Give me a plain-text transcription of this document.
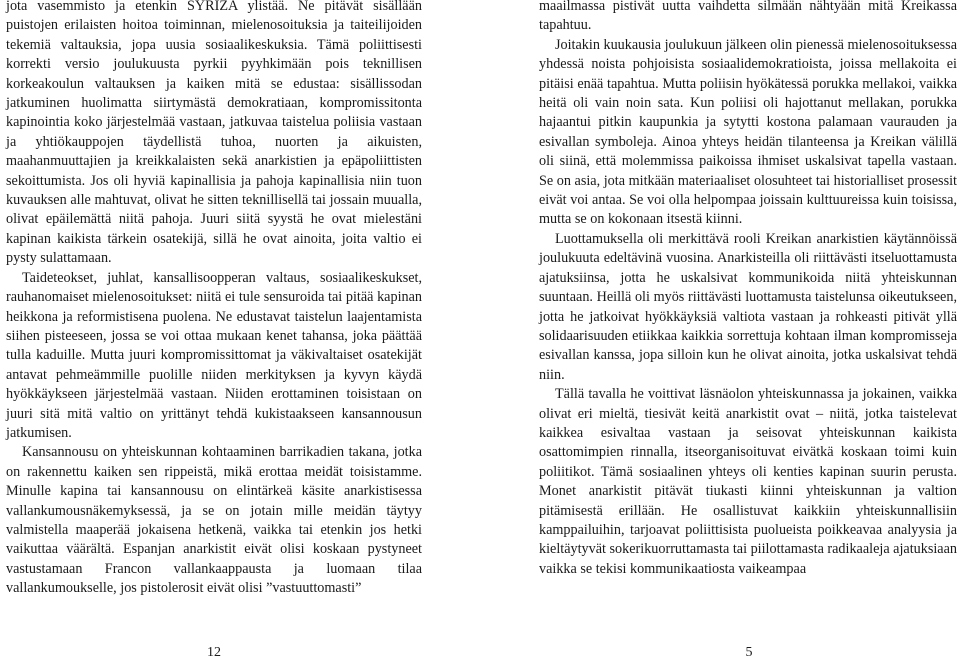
jota vasemmisto ja etenkin SYRIZA ylistää. Ne pitävät sisällään puistojen erilaisten hoitoa toiminnan, mielenosoituksia ja taiteilijoiden tekemiä valtauksia, jopa uusia sosiaalikeskuksia. Tämä poliittisesti korrekti versio joulukuusta pyrkii pyyhkimään pois teknillisen korkeakoulun valtauksen ja kaiken mitä se edustaa: sisällissodan jatkuminen huolimatta siirtymästä demokratiaan, kompromissitonta kapinointia koko järjestelmää vastaan, jatkuvaa taistelua poliisia vastaan ja yhtiökauppojen täydellistä tuhoa, nuorten ja aikuisten, maahanmuuttajien ja kreikkalaisten sekä anarkistien ja epäpoliittisten sekoittumista. Jos oli hyviä kapinallisia ja pahoja kapinallisia niin tuon kuvauksen alle mahtuvat, olivat he sitten teknillisellä tai jossain muualla, olivat epäilemättä niitä pahoja. Juuri siitä syystä he ovat mielestäni kapinan kaikista tärkein osatekijä, sillä he ovat ainoita, joita valtio ei pysty sulattamaan.

Taideteokset, juhlat, kansallisoopperan valtaus, sosiaalikeskukset, rauhanomaiset mielenosoitukset: niitä ei tule sensuroida tai pitää kapinan heikkona ja reformistisena puolena. Ne edustavat taistelun laajentamista siihen pisteeseen, jossa se voi ottaa mukaan kenet tahansa, joka päättää tulla kaduille. Mutta juuri kompromissittomat ja väkivaltaiset osatekijät antavat pehmeämmille puolille niiden merkityksen ja kyvyn käydä hyökkäykseen järjestelmää vastaan. Niiden erottaminen toisistaan on juuri sitä mitä valtio on yrittänyt tehdä kukistaakseen kansannousun jatkumisen.

Kansannousu on yhteiskunnan kohtaaminen barrikadien takana, jotka on rakennettu kaiken sen rippeistä, mikä erottaa meidät toisistamme. Minulle kapina tai kansannousu on elintärkeä käsite anarkistisessa vallankumousnäkemyksessä, ja se on jotain mille meidän täytyy valmistella maaperää jokaisena hetkenä, vaikka tai etenkin jos hetki vaikuttaa väärältä. Espanjan anarkistit eivät olisi koskaan pystyneet vastustamaan Francon vallankaappausta ja luomaan tilaa vallankumoukselle, jos pistolerosit eivät olisi ”vastuuttomasti”

12

maailmassa pistivät uutta vaihdetta silmään nähtyään mitä Kreikassa tapahtuu.

Joitakin kuukausia joulukuun jälkeen olin pienessä mielenosoituksessa yhdessä noista pohjoisista sosiaalidemokratioista, joissa mellakoita ei pitäisi enää tapahtua. Mutta poliisin hyökätessä porukka mellakoi, vaikka heitä oli vain noin sata. Kun poliisi oli hajottanut mellakan, porukka hajaantui pitkin kaupunkia ja sytytti kostona palamaan vaurauden ja esivallan symboleja. Ainoa yhteys heidän tilanteensa ja Kreikan välillä oli siinä, että molemmissa paikoissa ihmiset uskalsivat tapella vastaan. Se on asia, jota mitkään materiaaliset olosuhteet tai historialliset prosessit eivät voi antaa. Se voi olla helpompaa joissain kulttuureissa kuin toisissa, mutta se on kokonaan itsestä kiinni.

Luottamuksella oli merkittävä rooli Kreikan anarkistien käytännöissä joulukuuta edeltävinä vuosina. Anarkisteilla oli riittävästi itseluottamusta ajatuksiinsa, jotta he uskalsivat kommunikoida niitä yhteiskunnan suuntaan. Heillä oli myös riittävästi luottamusta taistelunsa oikeutukseen, jotta he jatkoivat hyökkäyksiä valtiota vastaan ja rohkeasti pitivät yllä solidaarisuuden etiikkaa kaikkia sorrettuja kohtaan ilman kompromisseja esivallan kanssa, jopa silloin kun he olivat ainoita, jotka uskalsivat tehdä niin.

Tällä tavalla he voittivat läsnäolon yhteiskunnassa ja jokainen, vaikka olivat eri mieltä, tiesivät keitä anarkistit ovat – niitä, jotka taistelevat kaikkea esivaltaa vastaan ja seisovat yhteiskunnan kaikista osattomimpien rinnalla, itseorganisoituvat eivätkä koskaan toimi kuin poliitikot. Tämä sosiaalinen yhteys oli kenties kapinan suurin perusta. Monet anarkistit pitävät tiukasti kiinni yhteiskunnan ja valtion pitämisestä erillään. He osallistuvat kaikkiin yhteiskunnallisiin kamppailuihin, tarjoavat poliittisista puolueista poikkeavaa analyysia ja kieltäytyvät sokerikuorruttamasta tai piilottamasta radikaaleja ajatuksiaan vaikka se tekisi kommunikaatiosta vaikeampaa

5
